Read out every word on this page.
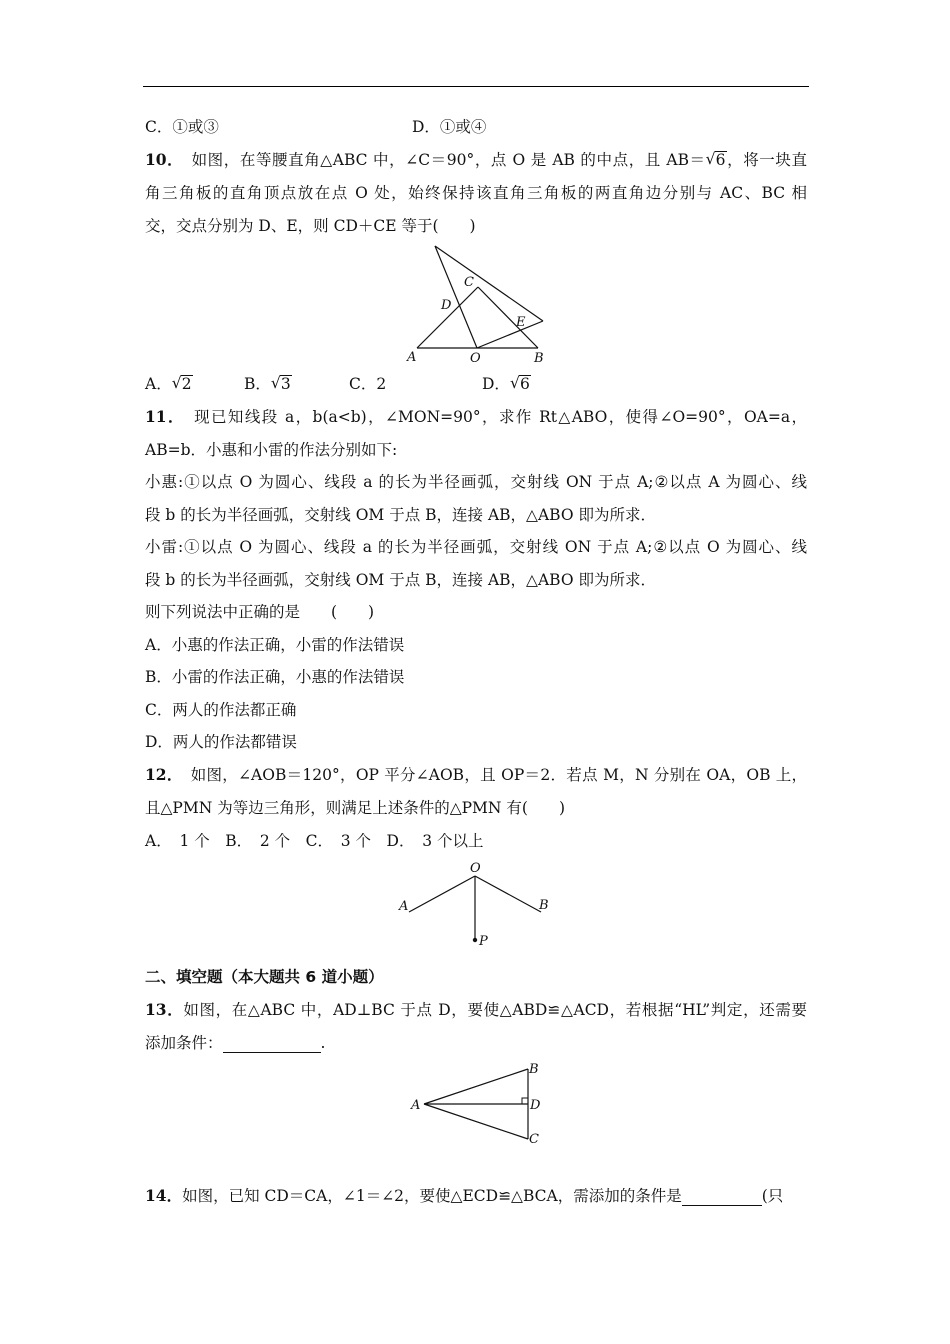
C．①或③	D．①或④
10．　 如图，在等腰直角△ABC 中，∠C＝90°，点 O 是 AB 的中点，且 AB＝ √ 6，将一块直
角三角板的直角顶点放在点 O 处，始终保持该直角三角板的两直角边分别与 AC、BC 相
交，交点分别为 D、E，则 CD＋CE 等于(　　)
A	O	B
C
D
E
A． √ 2	B． √ 3	C．2	D． √ 6
11．　 现已知线段 a，b(a<b)，∠MON=90°，求作 Rt△ABO，使得∠O=90°，OA=a，
AB=b．小惠和小雷的作法分别如下:
小惠:①以点 O 为圆心、线段 a 的长为半径画弧，交射线 ON 于点 A;②以点 A 为圆心、线
段 b 的长为半径画弧，交射线 OM 于点 B，连接 AB，△ABO 即为所求．
小雷:①以点 O 为圆心、线段 a 的长为半径画弧，交射线 ON 于点 A;②以点 O 为圆心、线
段 b 的长为半径画弧，交射线 OM 于点 B，连接 AB，△ABO 即为所求．
则下列说法中正确的是　　(　　)
A．小惠的作法正确，小雷的作法错误
B．小雷的作法正确，小惠的作法错误
C．两人的作法都正确
D．两人的作法都错误
12．　 如图，∠AOB＝120°，OP 平分∠AOB，且 OP＝2．若点 M，N 分别在 OA，OB 上，
且△PMN 为等边三角形，则满足上述条件的△PMN 有(　　)
A．　1 个　B．　2 个　C．　3 个　D．　3 个以上
O
A	B
P
二、填空题（本大题共 6 道小题）
13．如图，在△ABC 中，AD⊥BC 于点 D，要使△ABD≌△ACD，若根据“HL”判定，还需要
添加条件：	.
A
B
D
C
14．如图，已知 CD＝CA，∠1＝∠2，要使△ECD≌△BCA，需添加的条件是	(只
